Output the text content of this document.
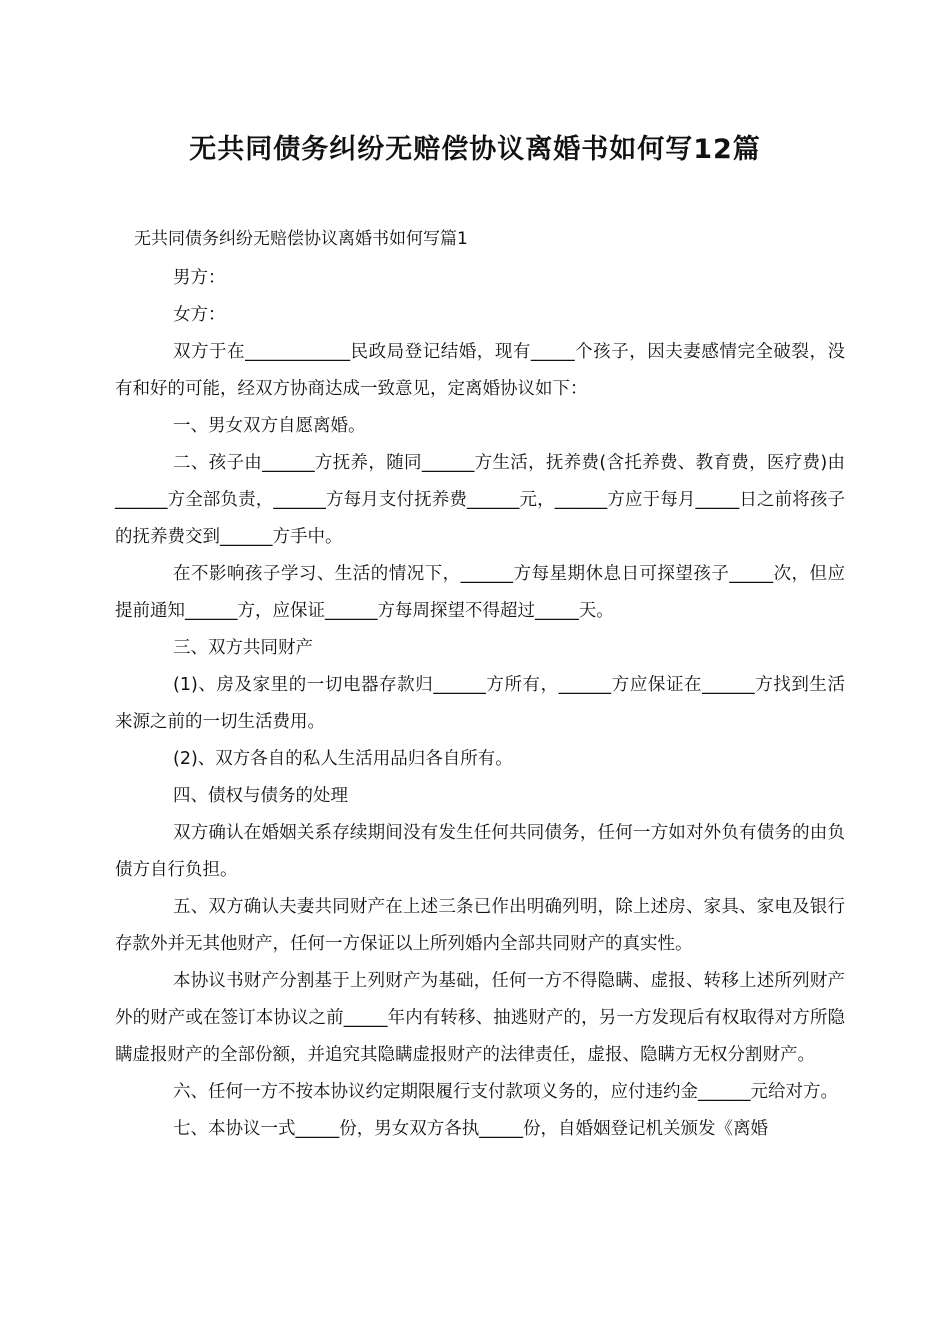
无共同债务纠纷无赔偿协议离婚书如何写12篇

无共同债务纠纷无赔偿协议离婚书如何写篇1

男方：

女方：

双方于在____________民政局登记结婚，现有_____个孩子，因夫妻感情完全破裂，没有和好的可能，经双方协商达成一致意见，定离婚协议如下：

一、男女双方自愿离婚。

二、孩子由______方抚养，随同______方生活，抚养费(含托养费、教育费，医疗费)由______方全部负责，______方每月支付抚养费______元，______方应于每月_____日之前将孩子的抚养费交到______方手中。

在不影响孩子学习、生活的情况下，______方每星期休息日可探望孩子_____次，但应提前通知______方，应保证______方每周探望不得超过_____天。

三、双方共同财产

(1)、房及家里的一切电器存款归______方所有，______方应保证在______方找到生活来源之前的一切生活费用。

(2)、双方各自的私人生活用品归各自所有。

四、债权与债务的处理

双方确认在婚姻关系存续期间没有发生任何共同债务，任何一方如对外负有债务的由负债方自行负担。

五、双方确认夫妻共同财产在上述三条已作出明确列明，除上述房、家具、家电及银行存款外并无其他财产，任何一方保证以上所列婚内全部共同财产的真实性。

本协议书财产分割基于上列财产为基础，任何一方不得隐瞒、虚报、转移上述所列财产外的财产或在签订本协议之前_____年内有转移、抽逃财产的，另一方发现后有权取得对方所隐瞒虚报财产的全部份额，并追究其隐瞒虚报财产的法律责任，虚报、隐瞒方无权分割财产。

六、任何一方不按本协议约定期限履行支付款项义务的，应付违约金______元给对方。

七、本协议一式_____份，男女双方各执_____份，自婚姻登记机关颁发《离婚
